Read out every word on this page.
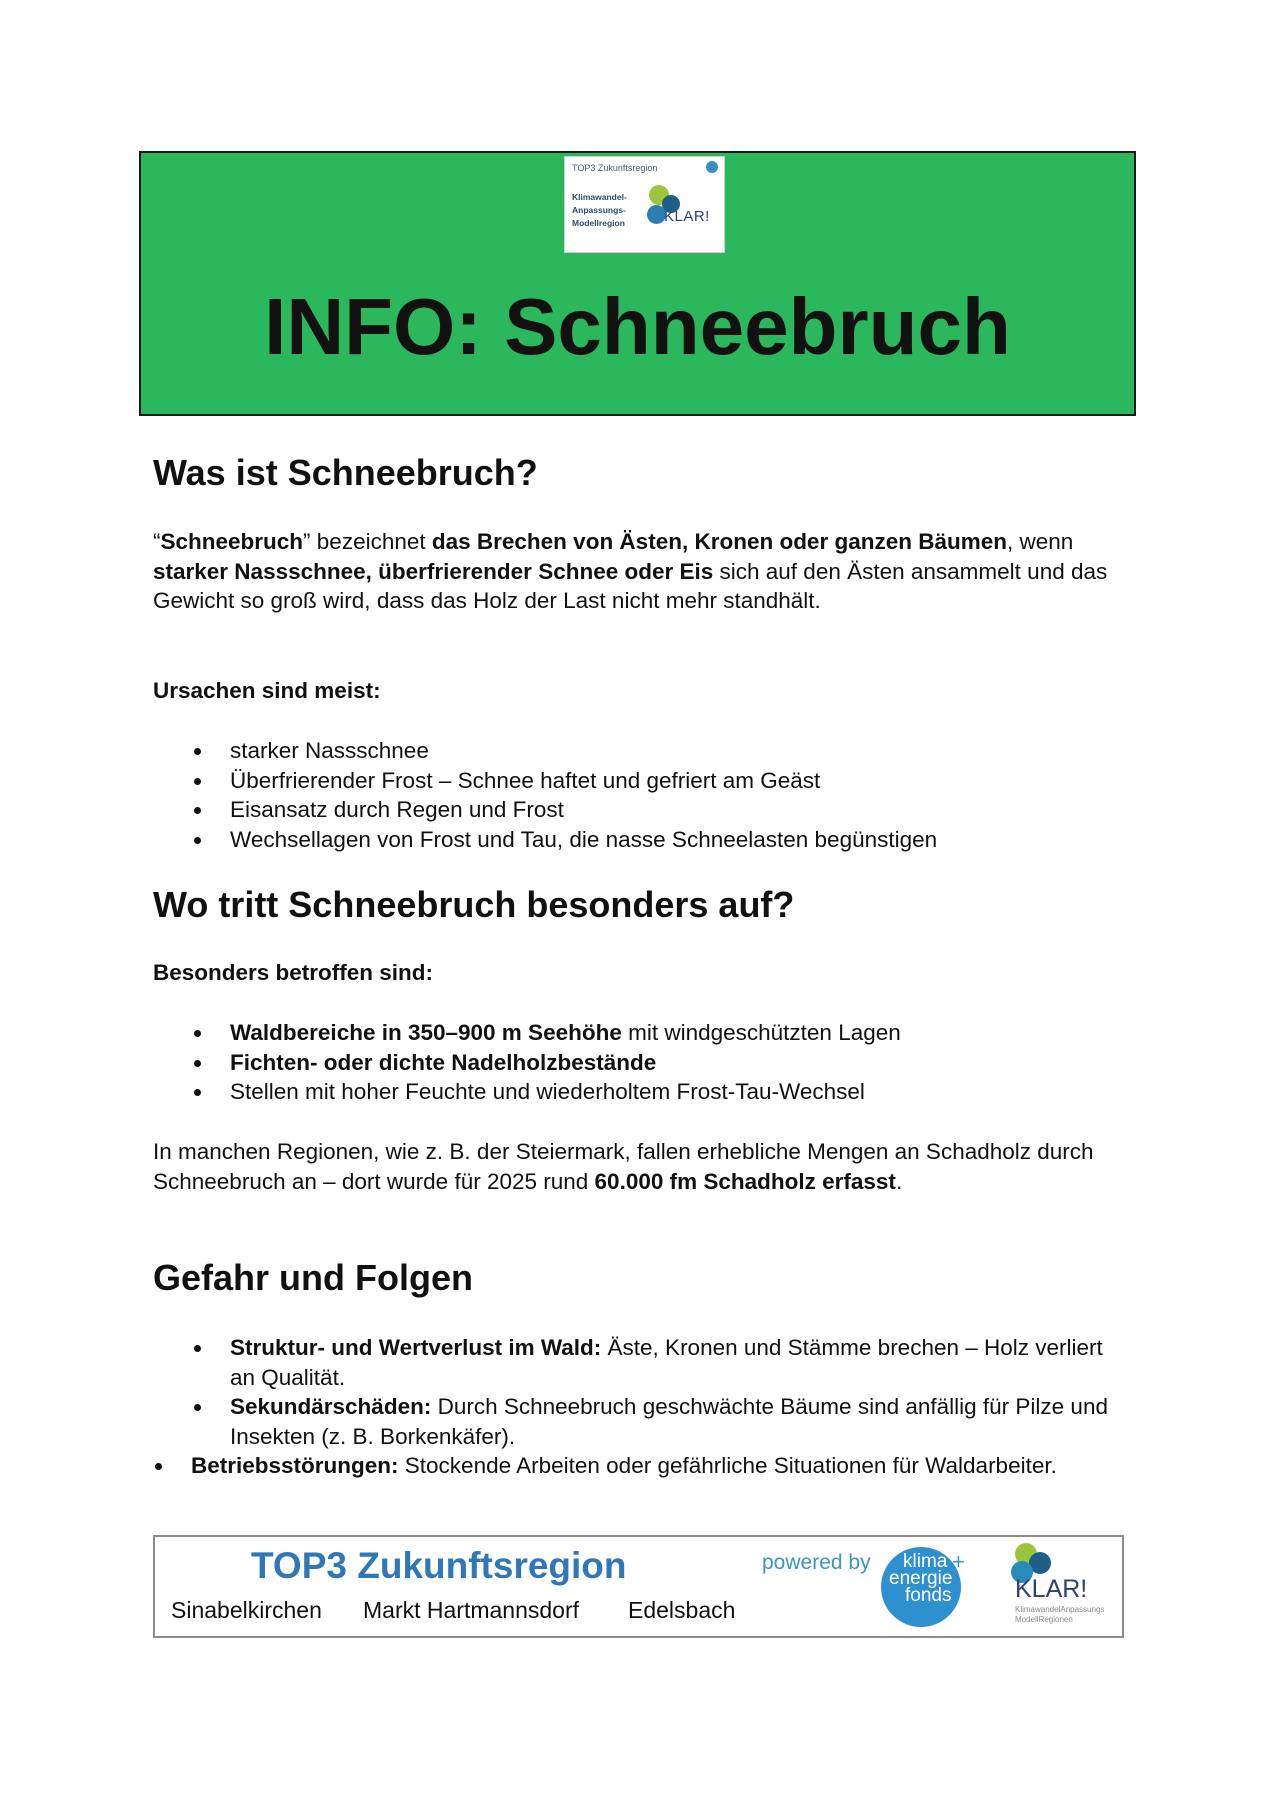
TOP3 Zukunftsregion
Klimawandel-
Anpassungs-
Modellregion	KLAR!
INFO: Schneebruch
Was ist Schneebruch?
“Schneebruch” bezeichnet das Brechen von Ästen, Kronen oder ganzen Bäumen, wenn starker Nassschnee, überfrierender Schnee oder Eis sich auf den Ästen ansammelt und das Gewicht so groß wird, dass das Holz der Last nicht mehr standhält.
Ursachen sind meist:
starker Nassschnee
Überfrierender Frost – Schnee haftet und gefriert am Geäst
Eisansatz durch Regen und Frost
Wechsellagen von Frost und Tau, die nasse Schneelasten begünstigen
Wo tritt Schneebruch besonders auf?
Besonders betroffen sind:
Waldbereiche in 350–900 m Seehöhe mit windgeschützten Lagen
Fichten- oder dichte Nadelholzbestände
Stellen mit hoher Feuchte und wiederholtem Frost-Tau-Wechsel
In manchen Regionen, wie z. B. der Steiermark, fallen erhebliche Mengen an Schadholz durch Schneebruch an – dort wurde für 2025 rund 60.000 fm Schadholz erfasst.
Gefahr und Folgen
Struktur- und Wertverlust im Wald: Äste, Kronen und Stämme brechen – Holz verliert an Qualität.
Sekundärschäden: Durch Schneebruch geschwächte Bäume sind anfällig für Pilze und Insekten (z. B. Borkenkäfer).
Betriebsstörungen: Stockende Arbeiten oder gefährliche Situationen für Waldarbeiter.
TOP3 Zukunftsregion
Sinabelkirchen Markt Hartmannsdorf Edelsbach
powered by klima
energie
fonds
+
KLAR!
KlimawandelAnpassungs
ModellRegionen
